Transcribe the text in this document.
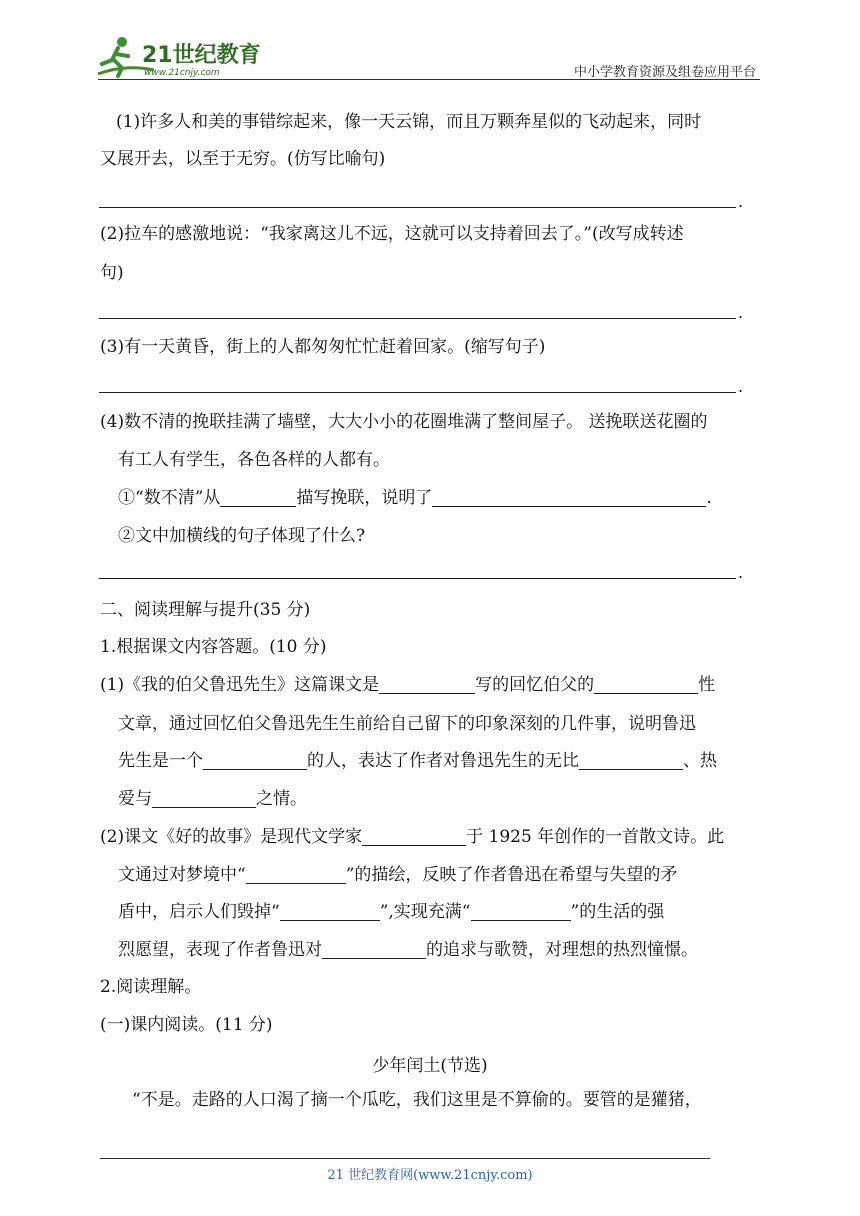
21世纪教育
www.21cnjy.com	中小学教育资源及组卷应用平台
(1)许多人和美的事错综起来，像一天云锦，而且万颗奔星似的飞动起来，同时
又展开去，以至于无穷。(仿写比喻句)
.
(2)拉车的感激地说：“我家离这儿不远，这就可以支持着回去了。”(改写成转述
句)
.
(3)有一天黄昏，街上的人都匆匆忙忙赶着回家。(缩写句子)
.
(4)数不清的挽联挂满了墙壁，大大小小的花圈堆满了整间屋子。 送挽联送花圈的
有工人有学生，各色各样的人都有。
①“数不清”从	描写挽联，说明了	.
②文中加横线的句子体现了什么?
.
二、阅读理解与提升(35 分)
1.根据课文内容答题。(10 分)
(1)《我的伯父鲁迅先生》这篇课文是	写的回忆伯父的	性
文章，通过回忆伯父鲁迅先生生前给自己留下的印象深刻的几件事，说明鲁迅
先生是一个	的人，表达了作者对鲁迅先生的无比	、热
爱与	之情。
(2)课文《好的故事》是现代文学家	于 1925 年创作的一首散文诗。此
文通过对梦境中“	”的描绘，反映了作者鲁迅在希望与失望的矛
盾中，启示人们毁掉“	”,实现充满“	”的生活的强
烈愿望，表现了作者鲁迅对	的追求与歌赞，对理想的热烈憧憬。
2.阅读理解。
(一)课内阅读。(11 分)
少年闰土(节选)
“不是。走路的人口渴了摘一个瓜吃，我们这里是不算偷的。要管的是獾猪，
21 世纪教育网(www.21cnjy.com)
